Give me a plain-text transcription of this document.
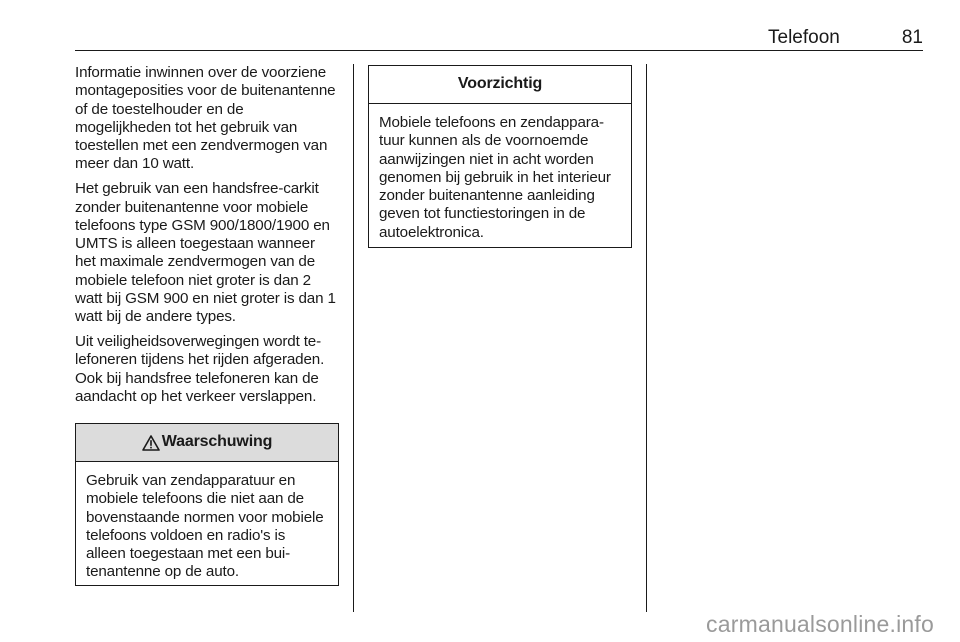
Telefoon	81

Informatie inwinnen over de voorziene montageposities voor de buitenantenne of de toestelhouder en de mogelijkheden tot het gebruik van toestellen met een zendvermogen van meer dan 10 watt.

Het gebruik van een handsfree-carkit zonder buitenantenne voor mobiele telefoons type GSM 900/1800/1900 en UMTS is alleen toegestaan wanneer het maximale zendvermogen van de mobiele telefoon niet groter is dan 2 watt bij GSM 900 en niet groter is dan 1 watt bij de andere types.

Uit veiligheidsoverwegingen wordt telefoneren tijdens het rijden afgeraden. Ook bij handsfree telefoneren kan de aandacht op het verkeer verslappen.

Waarschuwing
Gebruik van zendapparatuur en mobiele telefoons die niet aan de bovenstaande normen voor mobiele telefoons voldoen en radio's is alleen toegestaan met een buitenantenne op de auto.
Voorzichtig
Mobiele telefoons en zendapparatuur kunnen als de voornoemde aanwijzingen niet in acht worden genomen bij gebruik in het interieur zonder buitenantenne aanleiding geven tot functiestoringen in de autoelektronica.
carmanualsonline.info
